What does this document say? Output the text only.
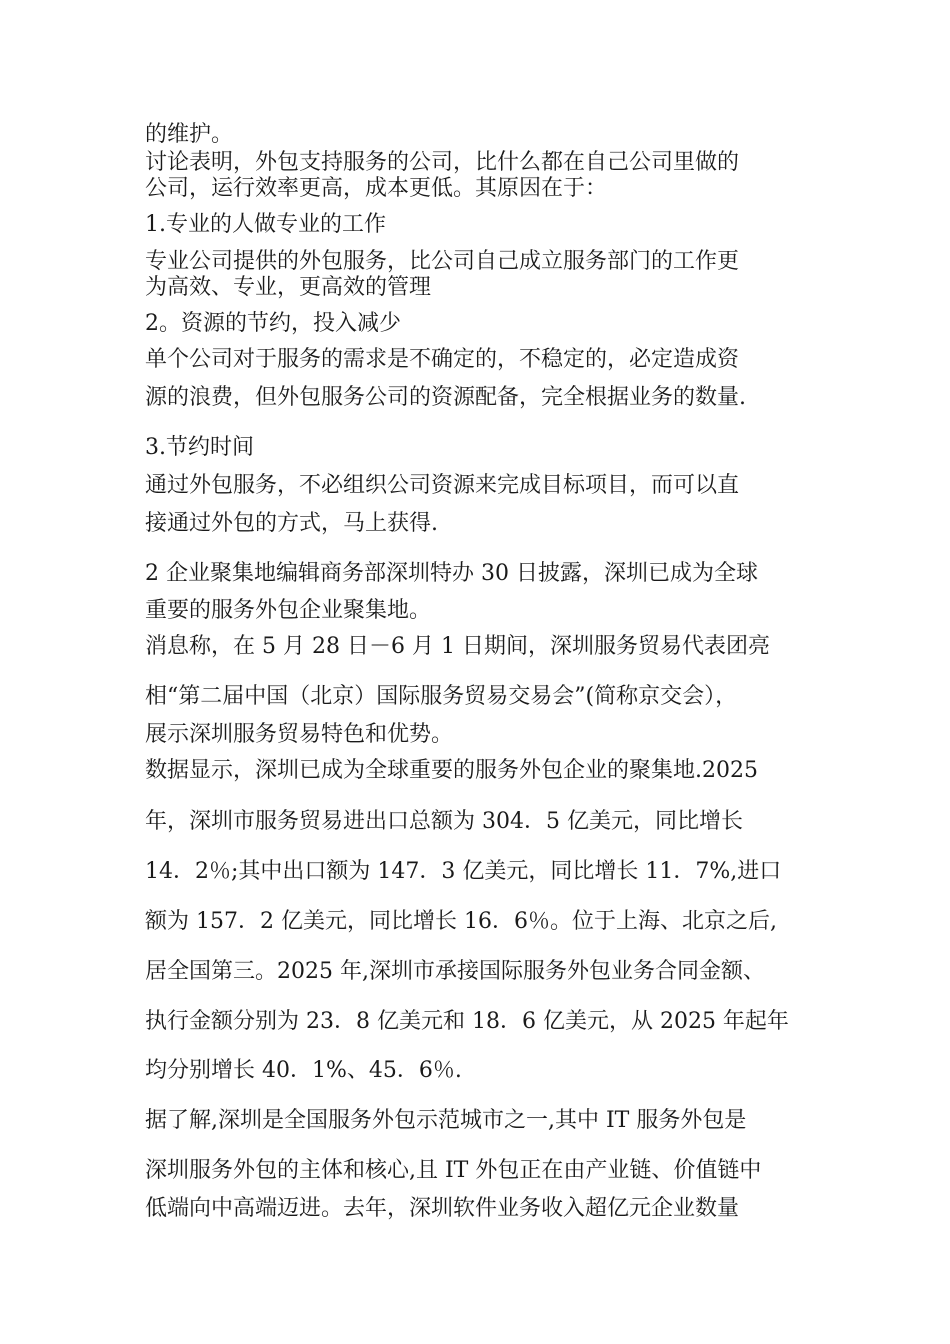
的维护。
讨论表明，外包支持服务的公司，比什么都在自己公司里做的
公司，运行效率更高，成本更低。其原因在于：
1.专业的人做专业的工作
专业公司提供的外包服务，比公司自己成立服务部门的工作更
为高效、专业，更高效的管理
2。资源的节约，投入减少
单个公司对于服务的需求是不确定的，不稳定的，必定造成资
源的浪费，但外包服务公司的资源配备，完全根据业务的数量.
3.节约时间
通过外包服务，不必组织公司资源来完成目标项目，而可以直
接通过外包的方式，马上获得.
2 企业聚集地编辑商务部深圳特办 30 日披露，深圳已成为全球
重要的服务外包企业聚集地。
消息称，在 5 月 28 日－6 月 1 日期间，深圳服务贸易代表团亮
相“第二届中国（北京）国际服务贸易交易会”(简称京交会），
展示深圳服务贸易特色和优势。
数据显示，深圳已成为全球重要的服务外包企业的聚集地.2025
年，深圳市服务贸易进出口总额为 304．5 亿美元，同比增长
14．2％;其中出口额为 147．3 亿美元，同比增长 11．7%,进口
额为 157．2 亿美元，同比增长 16．6％。位于上海、北京之后,
居全国第三。2025 年,深圳市承接国际服务外包业务合同金额、
执行金额分别为 23．8 亿美元和 18．6 亿美元，从 2025 年起年
均分别增长 40．1%、45．6％.
据了解,深圳是全国服务外包示范城市之一,其中 IT 服务外包是
深圳服务外包的主体和核心,且 IT 外包正在由产业链、价值链中
低端向中高端迈进。去年，深圳软件业务收入超亿元企业数量
